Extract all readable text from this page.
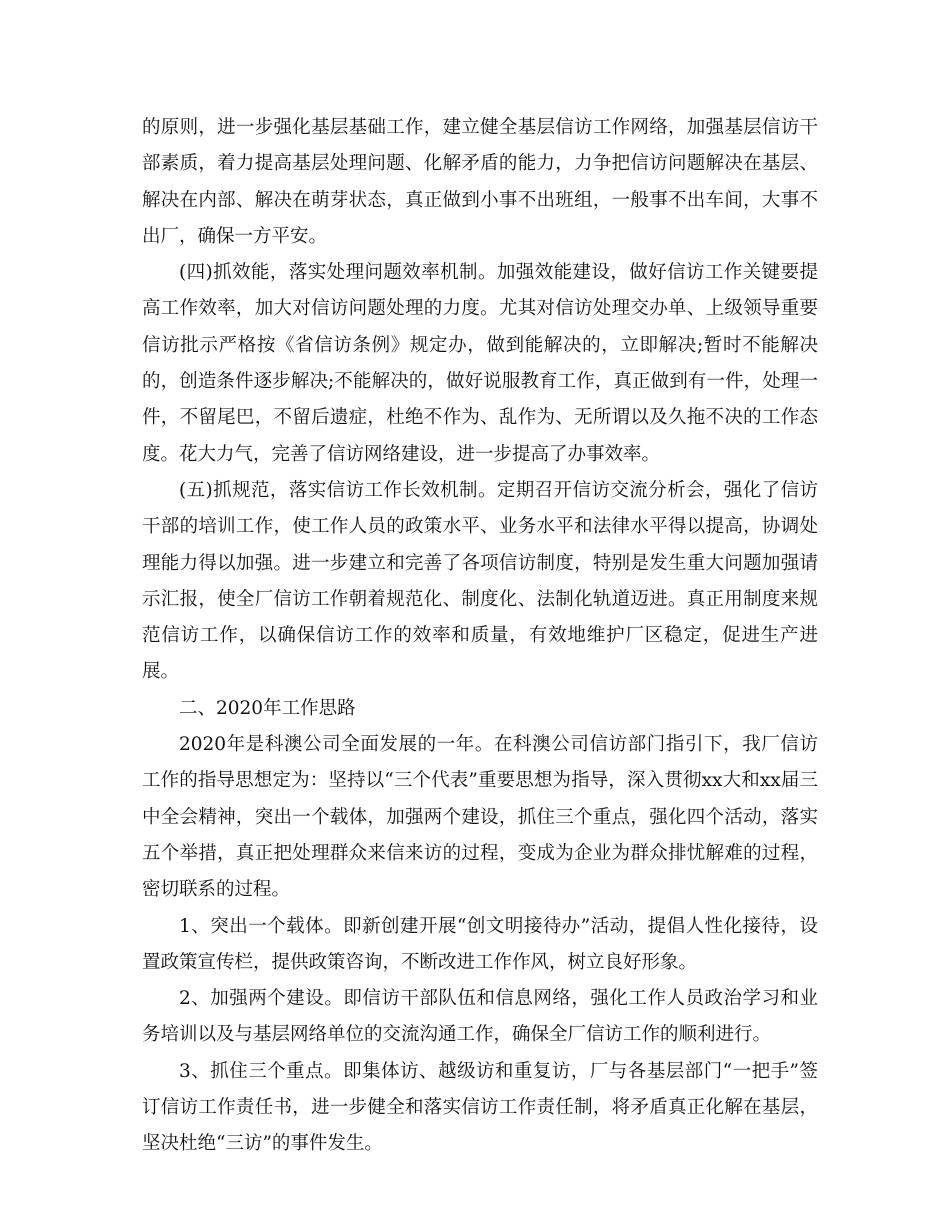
的原则，进一步强化基层基础工作，建立健全基层信访工作网络，加强基层信访干部素质，着力提高基层处理问题、化解矛盾的能力，力争把信访问题解决在基层、解决在内部、解决在萌芽状态，真正做到小事不出班组，一般事不出车间，大事不出厂，确保一方平安。

(四)抓效能，落实处理问题效率机制。加强效能建设，做好信访工作关键要提高工作效率，加大对信访问题处理的力度。尤其对信访处理交办单、上级领导重要信访批示严格按《省信访条例》规定办，做到能解决的，立即解决;暂时不能解决的，创造条件逐步解决;不能解决的，做好说服教育工作，真正做到有一件，处理一件，不留尾巴，不留后遗症，杜绝不作为、乱作为、无所谓以及久拖不决的工作态度。花大力气，完善了信访网络建设，进一步提高了办事效率。

(五)抓规范，落实信访工作长效机制。定期召开信访交流分析会，强化了信访干部的培训工作，使工作人员的政策水平、业务水平和法律水平得以提高，协调处理能力得以加强。进一步建立和完善了各项信访制度，特别是发生重大问题加强请示汇报，使全厂信访工作朝着规范化、制度化、法制化轨道迈进。真正用制度来规范信访工作，以确保信访工作的效率和质量，有效地维护厂区稳定，促进生产进展。

二、2020年工作思路

2020年是科澳公司全面发展的一年。在科澳公司信访部门指引下，我厂信访工作的指导思想定为：坚持以“三个代表”重要思想为指导，深入贯彻xx大和xx届三中全会精神，突出一个载体，加强两个建设，抓住三个重点，强化四个活动，落实五个举措，真正把处理群众来信来访的过程，变成为企业为群众排忧解难的过程，密切联系的过程。

1、突出一个载体。即新创建开展“创文明接待办”活动，提倡人性化接待，设置政策宣传栏，提供政策咨询，不断改进工作作风，树立良好形象。

2、加强两个建设。即信访干部队伍和信息网络，强化工作人员政治学习和业务培训以及与基层网络单位的交流沟通工作，确保全厂信访工作的顺利进行。

3、抓住三个重点。即集体访、越级访和重复访，厂与各基层部门“一把手”签订信访工作责任书，进一步健全和落实信访工作责任制，将矛盾真正化解在基层，坚决杜绝“三访”的事件发生。
